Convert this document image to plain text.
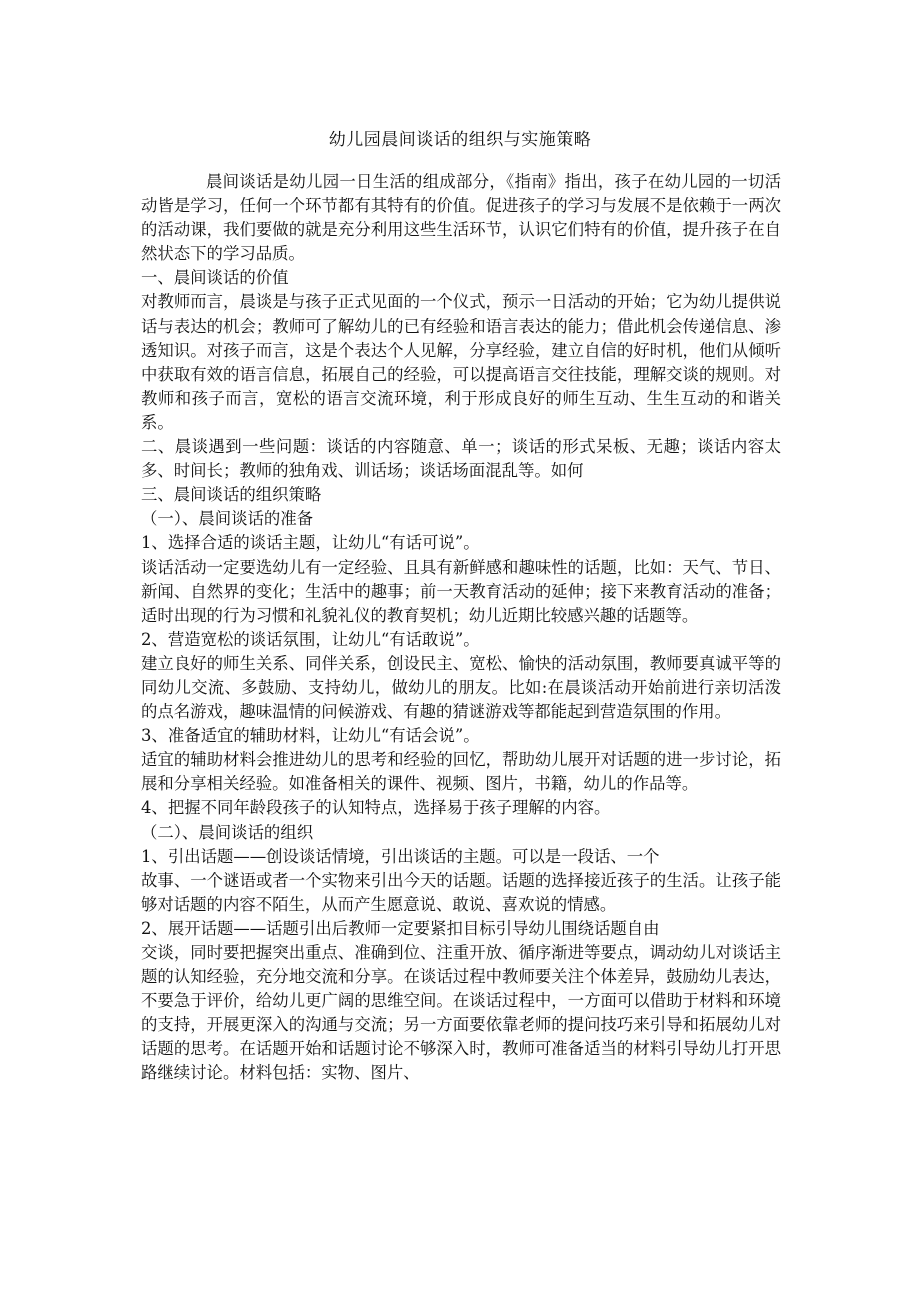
幼儿园晨间谈话的组织与实施策略

晨间谈话是幼儿园一日生活的组成部分，《指南》指出，孩子在幼儿园的一切活动皆是学习，任何一个环节都有其特有的价值。促进孩子的学习与发展不是依赖于一两次的活动课，我们要做的就是充分利用这些生活环节，认识它们特有的价值，提升孩子在自然状态下的学习品质。

一、晨间谈话的价值

对教师而言，晨谈是与孩子正式见面的一个仪式，预示一日活动的开始；它为幼儿提供说话与表达的机会；教师可了解幼儿的已有经验和语言表达的能力；借此机会传递信息、渗透知识。对孩子而言，这是个表达个人见解，分享经验，建立自信的好时机，他们从倾听中获取有效的语言信息，拓展自己的经验，可以提高语言交往技能，理解交谈的规则。对教师和孩子而言，宽松的语言交流环境，利于形成良好的师生互动、生生互动的和谐关系。

二、晨谈遇到一些问题：谈话的内容随意、单一；谈话的形式呆板、无趣；谈话内容太多、时间长；教师的独角戏、训话场；谈话场面混乱等。如何

三、晨间谈话的组织策略

（一）、晨间谈话的准备

1、选择合适的谈话主题，让幼儿“有话可说”。

谈话活动一定要选幼儿有一定经验、且具有新鲜感和趣味性的话题，比如：天气、节日、新闻、自然界的变化；生活中的趣事；前一天教育活动的延伸；接下来教育活动的准备；适时出现的行为习惯和礼貌礼仪的教育契机；幼儿近期比较感兴趣的话题等。

2、营造宽松的谈话氛围，让幼儿“有话敢说”。

建立良好的师生关系、同伴关系，创设民主、宽松、愉快的活动氛围，教师要真诚平等的同幼儿交流、多鼓励、支持幼儿，做幼儿的朋友。比如:在晨谈活动开始前进行亲切活泼的点名游戏，趣味温情的问候游戏、有趣的猜谜游戏等都能起到营造氛围的作用。

3、准备适宜的辅助材料，让幼儿“有话会说”。

适宜的辅助材料会推进幼儿的思考和经验的回忆，帮助幼儿展开对话题的进一步讨论，拓展和分享相关经验。如准备相关的课件、视频、图片，书籍，幼儿的作品等。

4、把握不同年龄段孩子的认知特点，选择易于孩子理解的内容。

（二）、晨间谈话的组织

1、引出话题——创设谈话情境，引出谈话的主题。可以是一段话、一个

故事、一个谜语或者一个实物来引出今天的话题。话题的选择接近孩子的生活。让孩子能够对话题的内容不陌生，从而产生愿意说、敢说、喜欢说的情感。

2、展开话题——话题引出后教师一定要紧扣目标引导幼儿围绕话题自由

交谈，同时要把握突出重点、准确到位、注重开放、循序渐进等要点，调动幼儿对谈话主题的认知经验，充分地交流和分享。在谈话过程中教师要关注个体差异，鼓励幼儿表达，不要急于评价，给幼儿更广阔的思维空间。在谈话过程中，一方面可以借助于材料和环境的支持，开展更深入的沟通与交流；另一方面要依靠老师的提问技巧来引导和拓展幼儿对话题的思考。在话题开始和话题讨论不够深入时，教师可准备适当的材料引导幼儿打开思路继续讨论。材料包括：实物、图片、
